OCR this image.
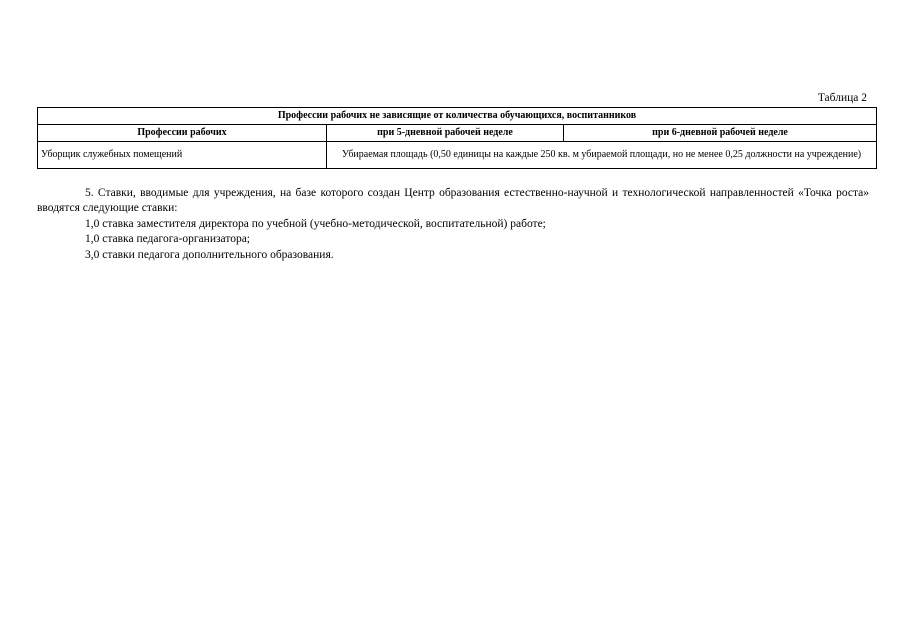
Таблица 2
Профессии рабочих не зависящие от количества обучающихся, воспитанников		
Профессии рабочих	при 5-дневной рабочей неделе	при 6-дневной рабочей неделе
Уборщик служебных помещений	Убираемая площадь (0,50 единицы на каждые 250 кв. м убираемой площади, но не менее 0,25 должности на учреждение)	

5. Ставки, вводимые для учреждения, на базе которого создан Центр образования естественно-научной и технологической направленностей «Точка роста» вводятся следующие ставки:

1,0 ставка заместителя директора по учебной (учебно-методической, воспитательной) работе;

1,0 ставка педагога-организатора;

3,0 ставки педагога дополнительного образования.
